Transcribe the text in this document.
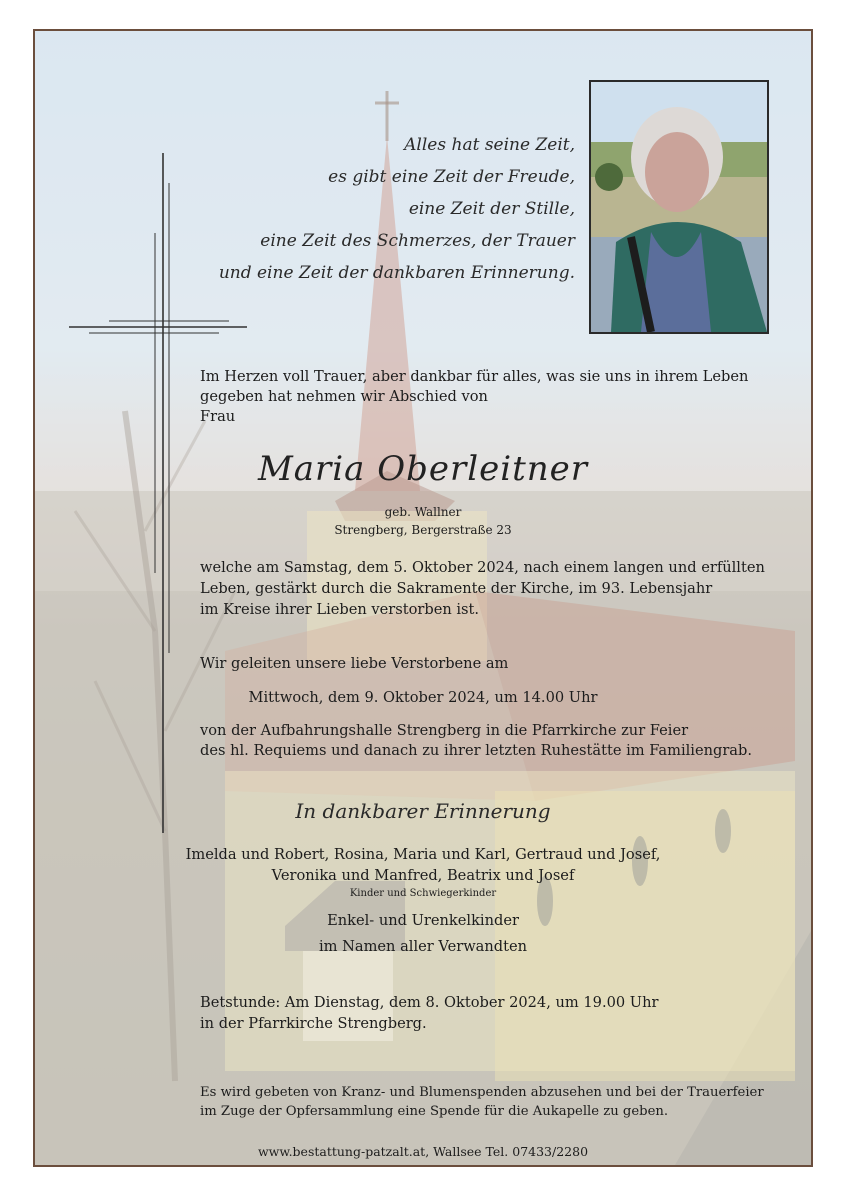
Alles hat seine Zeit,
es gibt eine Zeit der Freude,
eine Zeit der Stille,
eine Zeit des Schmerzes, der Trauer
und eine Zeit der dankbaren Erinnerung.
Im Herzen voll Trauer, aber dankbar für alles, was sie uns in ihrem Leben
gegeben hat nehmen wir Abschied von
Frau
Maria Oberleitner
geb. Wallner
Strengberg, Bergerstraße 23
welche am Samstag, dem 5. Oktober 2024, nach einem langen und erfüllten
Leben, gestärkt durch die Sakramente der Kirche, im 93. Lebensjahr
im Kreise ihrer Lieben verstorben ist.
Wir geleiten unsere liebe Verstorbene am
Mittwoch, dem 9. Oktober 2024, um 14.00 Uhr
von der Aufbahrungshalle Strengberg in die Pfarrkirche zur Feier
des hl. Requiems und danach zu ihrer letzten Ruhestätte im Familiengrab.
In dankbarer Erinnerung
Imelda und Robert, Rosina, Maria und Karl, Gertraud und Josef,
Veronika und Manfred, Beatrix und Josef
Kinder und Schwiegerkinder
Enkel- und Urenkelkinder
im Namen aller Verwandten
Betstunde: Am Dienstag, dem 8. Oktober 2024, um 19.00 Uhr
in der Pfarrkirche Strengberg.
Es wird gebeten von Kranz- und Blumenspenden abzusehen und bei der Trauerfeier
im Zuge der Opfersammlung eine Spende für die Aukapelle zu geben.
www.bestattung-patzalt.at, Wallsee Tel. 07433/2280
